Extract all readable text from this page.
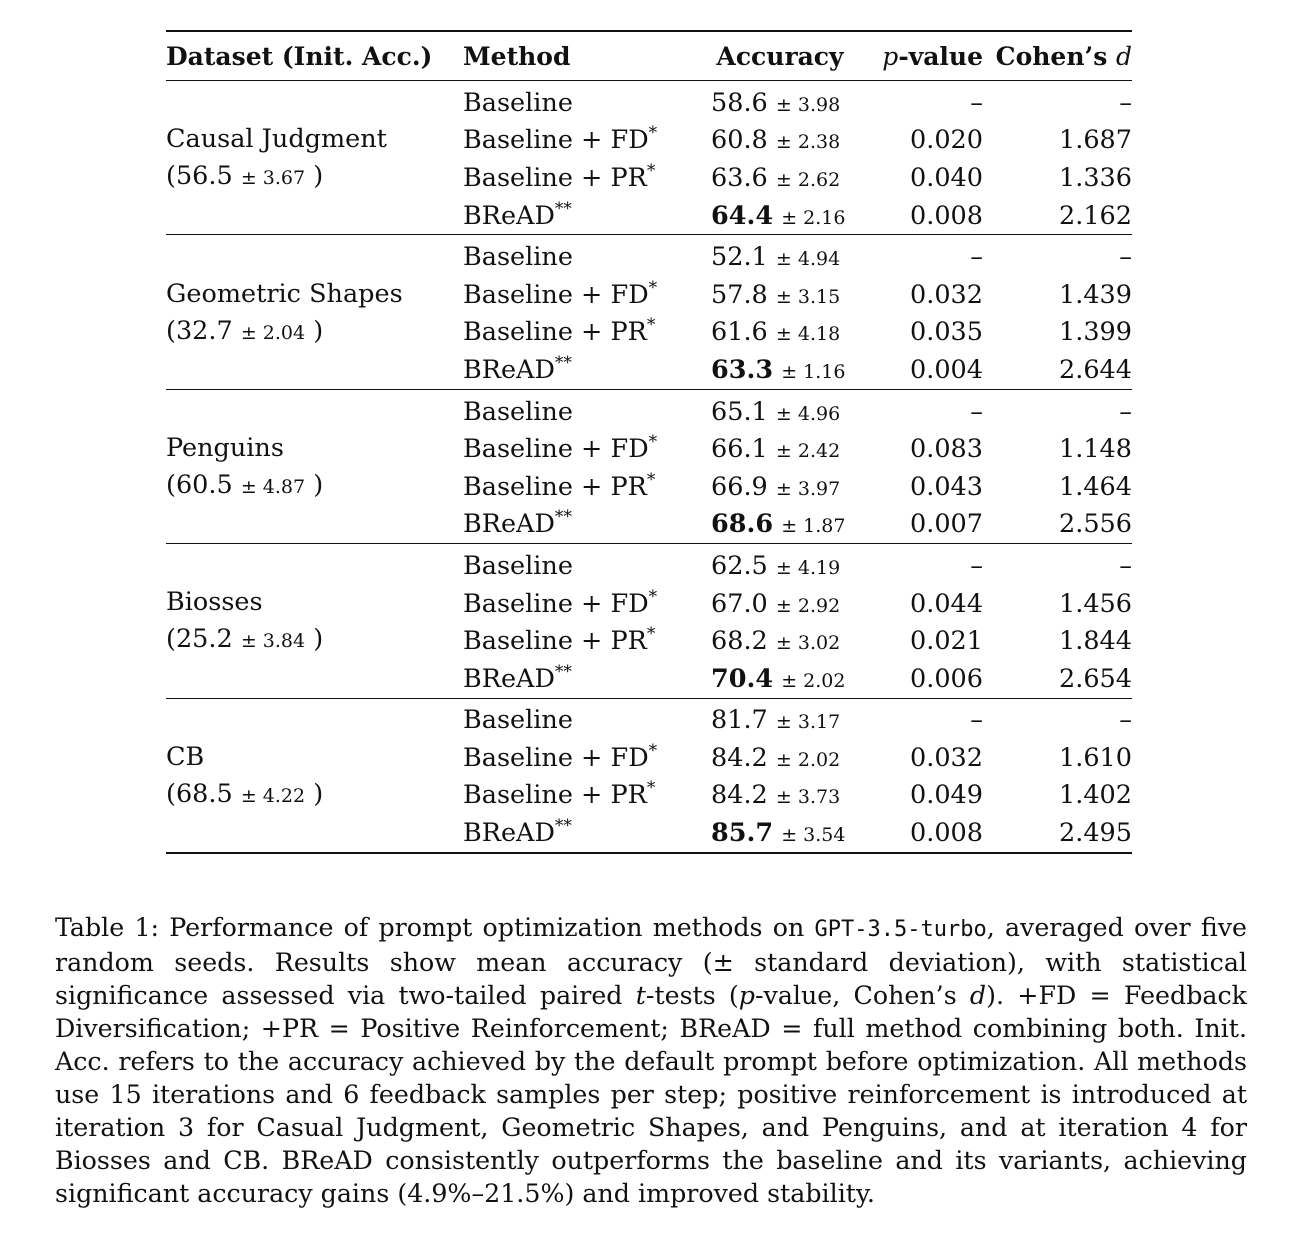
Dataset (Init. Acc.)	Method	Accuracy	p-value	Cohen’s d
Causal Judgment
(56.5 ± 3.67 )	Baseline	58.6 ± 3.98	–	–
	Baseline + FD*	60.8 ± 2.38	0.020	1.687
	Baseline + PR*	63.6 ± 2.62	0.040	1.336
	BReAD**	64.4 ± 2.16	0.008	2.162
Geometric Shapes
(32.7 ± 2.04 )	Baseline	52.1 ± 4.94	–	–
	Baseline + FD*	57.8 ± 3.15	0.032	1.439
	Baseline + PR*	61.6 ± 4.18	0.035	1.399
	BReAD**	63.3 ± 1.16	0.004	2.644
Penguins
(60.5 ± 4.87 )	Baseline	65.1 ± 4.96	–	–
	Baseline + FD*	66.1 ± 2.42	0.083	1.148
	Baseline + PR*	66.9 ± 3.97	0.043	1.464
	BReAD**	68.6 ± 1.87	0.007	2.556
Biosses
(25.2 ± 3.84 )	Baseline	62.5 ± 4.19	–	–
	Baseline + FD*	67.0 ± 2.92	0.044	1.456
	Baseline + PR*	68.2 ± 3.02	0.021	1.844
	BReAD**	70.4 ± 2.02	0.006	2.654
CB
(68.5 ± 4.22 )	Baseline	81.7 ± 3.17	–	–
	Baseline + FD*	84.2 ± 2.02	0.032	1.610
	Baseline + PR*	84.2 ± 3.73	0.049	1.402
	BReAD**	85.7 ± 3.54	0.008	2.495
Table 1: Performance of prompt optimization methods on GPT-3.5-turbo, averaged over five random seeds. Results show mean accuracy (± standard deviation), with statistical significance assessed via two-tailed paired t-tests (p-value, Cohen’s d). +FD = Feedback Diversification; +PR = Positive Reinforcement; BReAD = full method combining both. Init. Acc. refers to the accuracy achieved by the default prompt before optimization. All methods use 15 iterations and 6 feedback samples per step; positive reinforcement is introduced at iteration 3 for Casual Judgment, Geometric Shapes, and Penguins, and at iteration 4 for Biosses and CB. BReAD consistently outperforms the baseline and its variants, achieving significant accuracy gains (4.9%–21.5%) and improved stability.
